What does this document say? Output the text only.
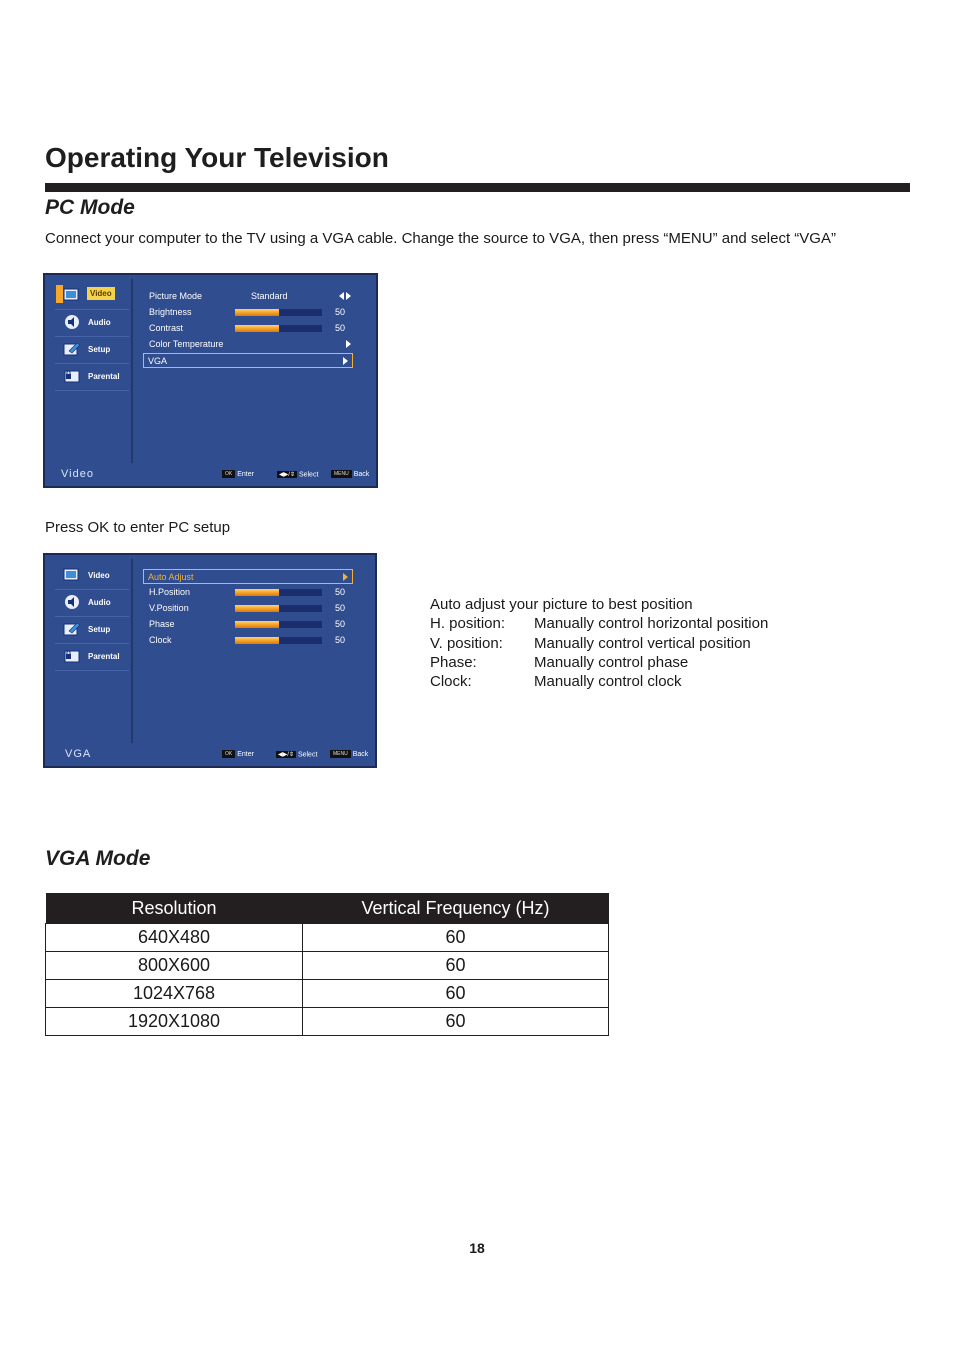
Operating Your Television
PC Mode
Connect your computer to the TV using a VGA cable. Change the source to VGA, then press “MENU” and select “VGA”
Video
Audio
Setup
Parental
Picture Mode	Standard
Brightness	50
Contrast	50
Color Temperature
VGA
Video	OK Enter	◀▶/⇕ Select	MENU Back
Press OK to enter PC setup
Video
Audio
Setup
Parental
Auto Adjust
H.Position	50
V.Position	50
Phase	50
Clock	50
VGA	OK Enter	◀▶/⇕ Select	MENU Back
Auto adjust your picture to best position
H. position: Manually control horizontal position
V. position: Manually control vertical position
Phase:	Manually control phase
Clock:	Manually control clock
VGA Mode
Resolution	Vertical Frequency (Hz)
640X480	60
800X600	60
1024X768	60
1920X1080	60
18
